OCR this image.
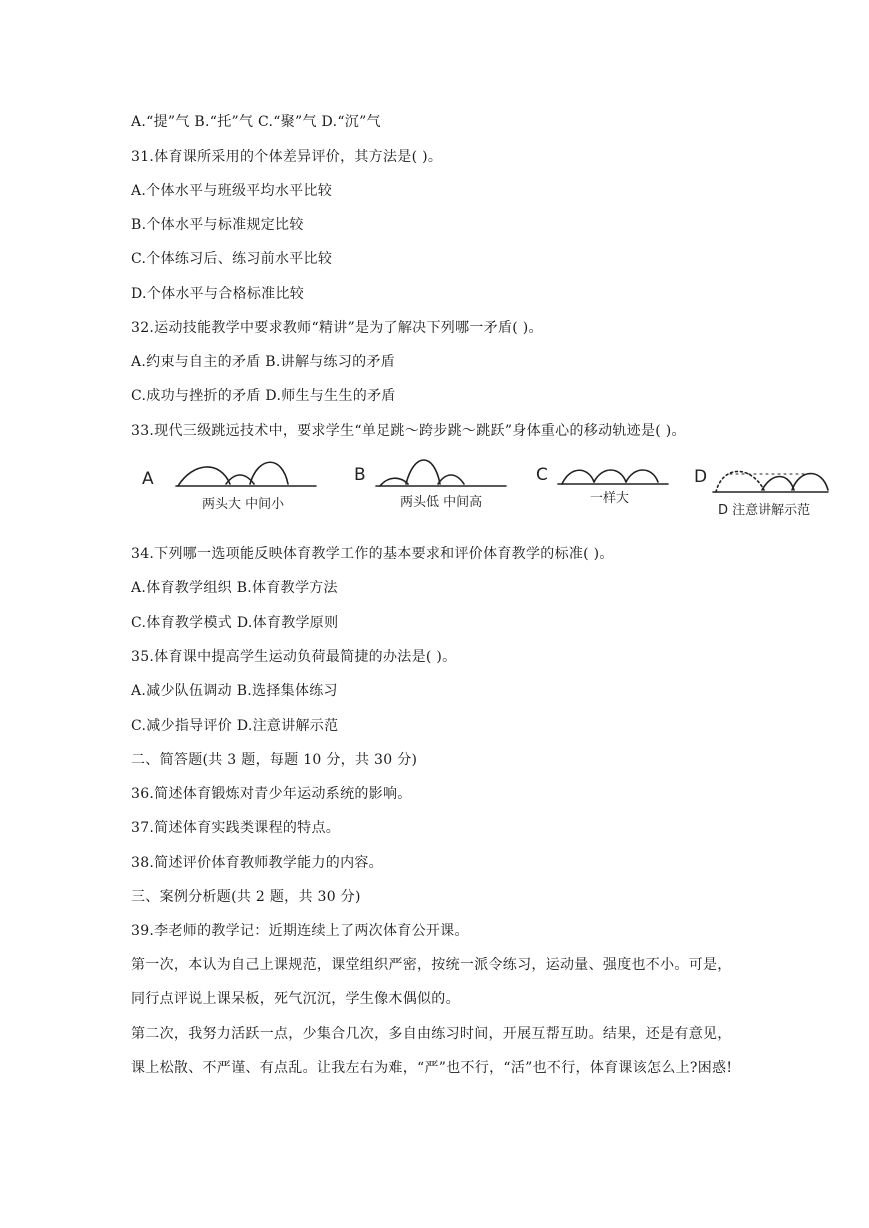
A.“提”气 B.“托”气 C.“聚”气 D.“沉”气
31.体育课所采用的个体差异评价，其方法是( )。
A.个体水平与班级平均水平比较
B.个体水平与标准规定比较
C.个体练习后、练习前水平比较
D.个体水平与合格标准比较
32.运动技能教学中要求教师“精讲”是为了解决下列哪一矛盾( )。
A.约束与自主的矛盾 B.讲解与练习的矛盾
C.成功与挫折的矛盾 D.师生与生生的矛盾
33.现代三级跳远技术中，要求学生“单足跳～跨步跳～跳跃”身体重心的移动轨迹是( )。
A	B	C	D
两头大 中间小	两头低 中间高	一样大
D 注意讲解示范
34.下列哪一选项能反映体育教学工作的基本要求和评价体育教学的标准( )。
A.体育教学组织 B.体育教学方法
C.体育教学模式 D.体育教学原则
35.体育课中提高学生运动负荷最简捷的办法是( )。
A.减少队伍调动 B.选择集体练习
C.减少指导评价 D.注意讲解示范
二、简答题(共 3 题，每题 10 分，共 30 分)
36.简述体育锻炼对青少年运动系统的影响。
37.简述体育实践类课程的特点。
38.简述评价体育教师教学能力的内容。
三、案例分析题(共 2 题，共 30 分)
39.李老师的教学记：近期连续上了两次体育公开课。
第一次，本认为自己上课规范，课堂组织严密，按统一派令练习，运动量、强度也不小。可是，同行点评说上课呆板，死气沉沉，学生像木偶似的。
第二次，我努力活跃一点，少集合几次，多自由练习时间，开展互帮互助。结果，还是有意见，课上松散、不严谨、有点乱。让我左右为难，“严”也不行，“活”也不行，体育课该怎么上?困惑!
